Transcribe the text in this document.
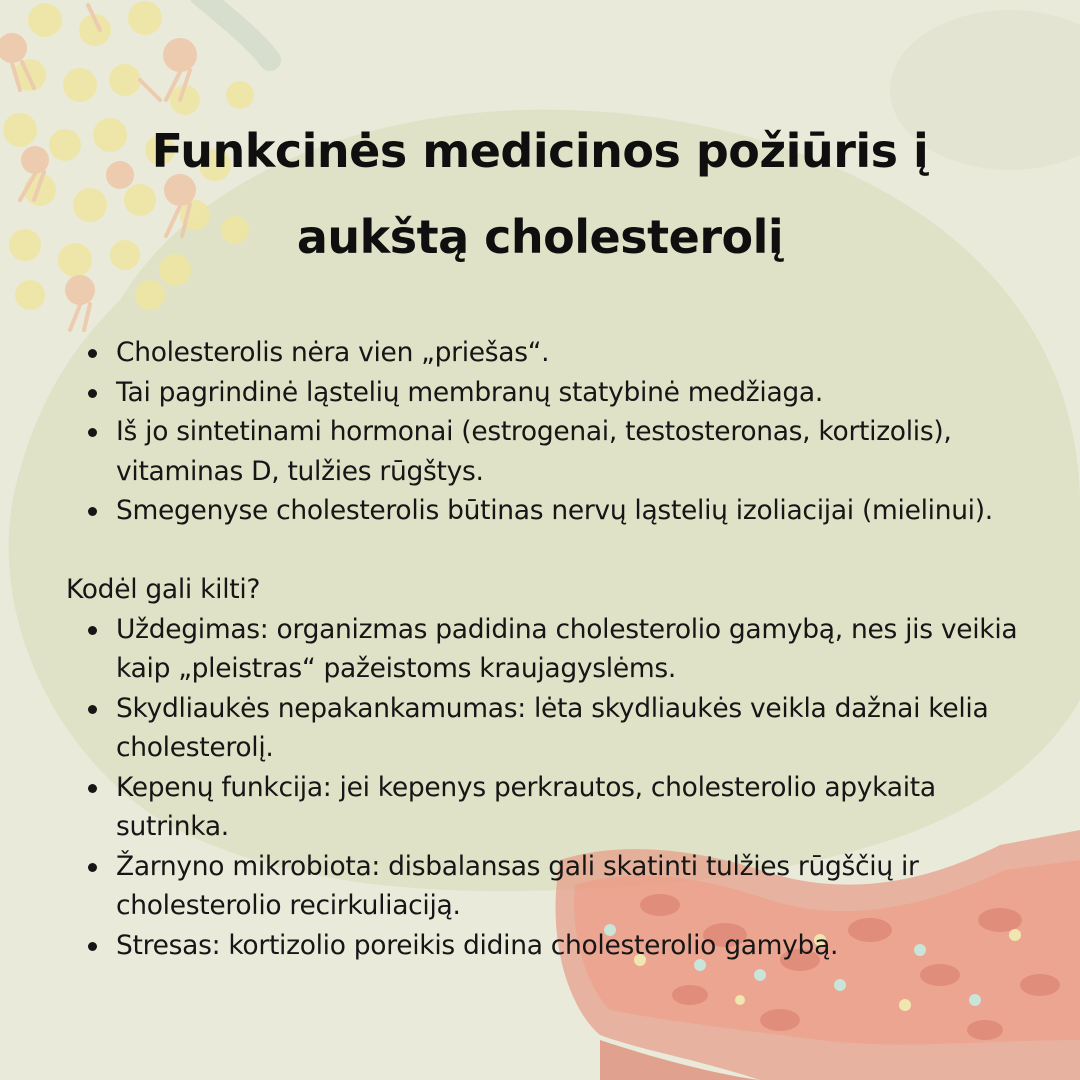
Funkcinės medicinos požiūris į aukštą cholesterolį
Cholesterolis nėra vien „priešas“.
Tai pagrindinė ląstelių membranų statybinė medžiaga.
Iš jo sintetinami hormonai (estrogenai, testosteronas, kortizolis), vitaminas D, tulžies rūgštys.
Smegenyse cholesterolis būtinas nervų ląstelių izoliacijai (mielinui).

Kodėl gali kilti?

Uždegimas: organizmas padidina cholesterolio gamybą, nes jis veikia kaip „pleistras“ pažeistoms kraujagyslėms.
Skydliaukės nepakankamumas: lėta skydliaukės veikla dažnai kelia cholesterolį.
Kepenų funkcija: jei kepenys perkrautos, cholesterolio apykaita sutrinka.
Žarnyno mikrobiota: disbalansas gali skatinti tulžies rūgščių ir cholesterolio recirkuliaciją.
Stresas: kortizolio poreikis didina cholesterolio gamybą.
